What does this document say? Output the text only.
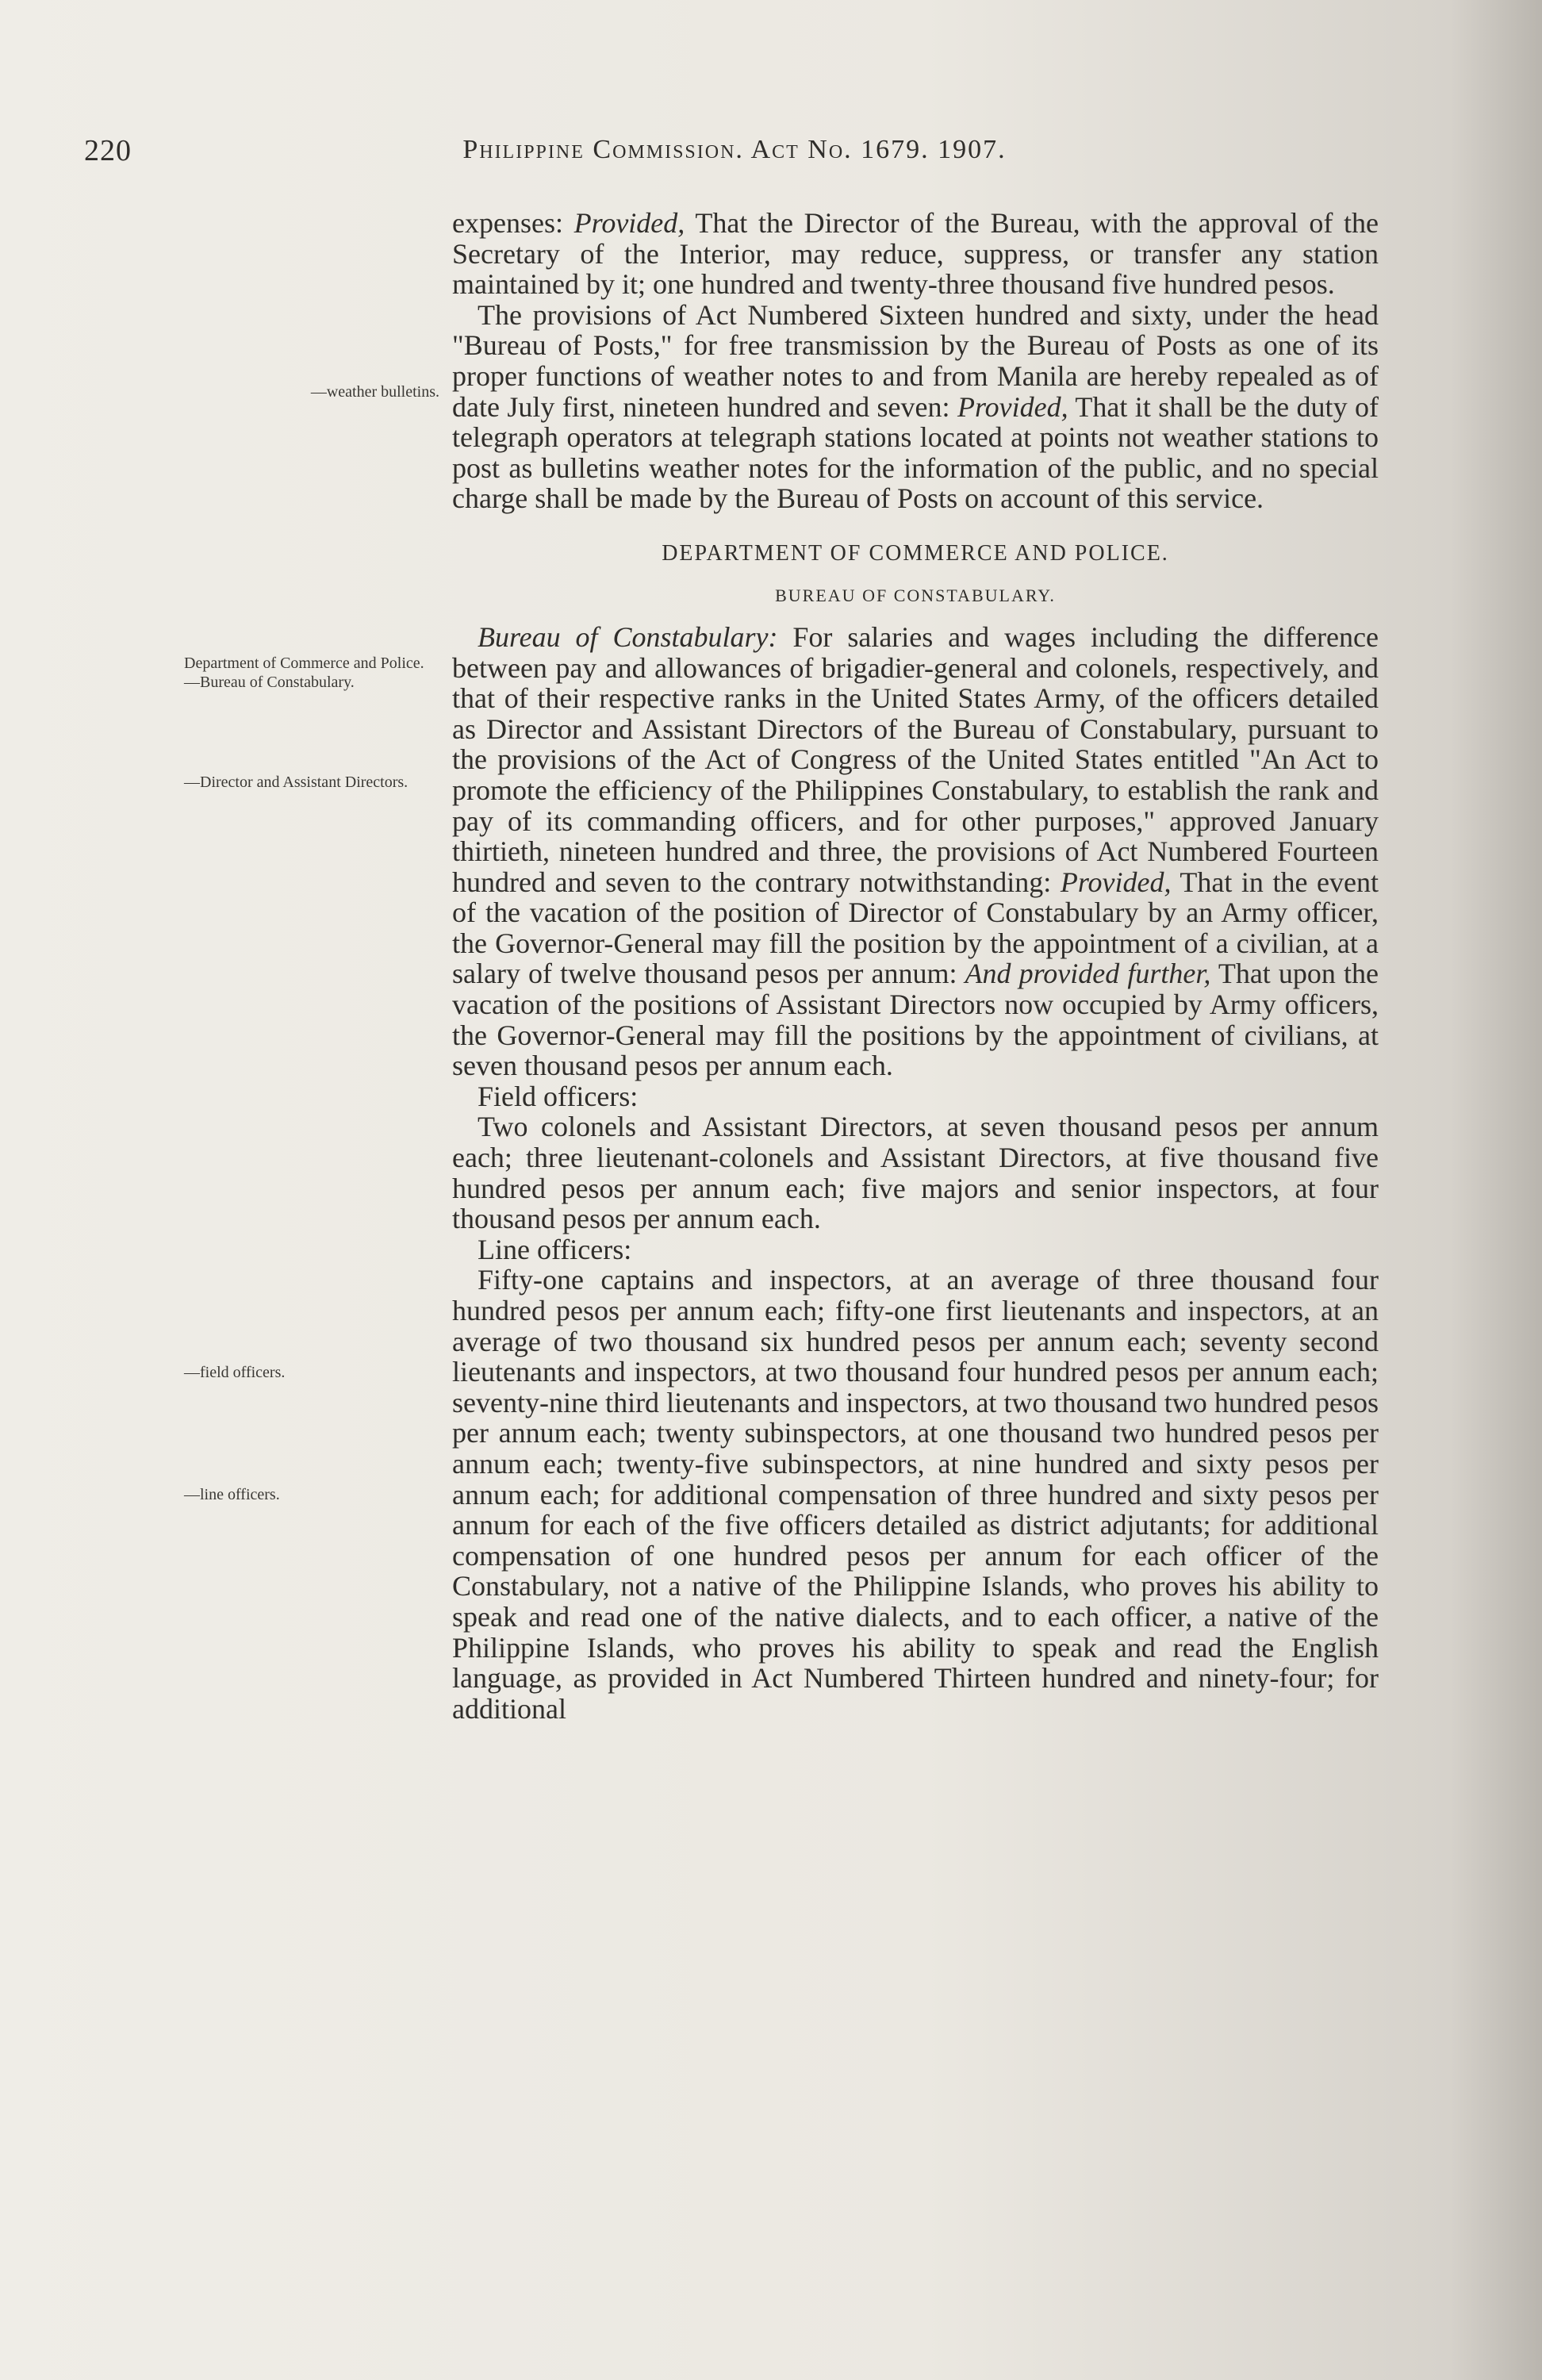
220	Philippine Commission. Act No. 1679. 1907.
—weather bulletins.
Department of Commerce and Police.
—Bureau of Constabulary.
—Director and Assistant Directors.
—field officers.
—line officers.

expenses: Provided, That the Director of the Bureau, with the approval of the Secretary of the Interior, may reduce, suppress, or transfer any station maintained by it; one hundred and twenty-three thousand five hundred pesos.

The provisions of Act Numbered Sixteen hundred and sixty, under the head "Bureau of Posts," for free transmission by the Bureau of Posts as one of its proper functions of weather notes to and from Manila are hereby repealed as of date July first, nineteen hundred and seven: Provided, That it shall be the duty of telegraph operators at telegraph stations located at points not weather stations to post as bulletins weather notes for the information of the public, and no special charge shall be made by the Bureau of Posts on account of this service.

DEPARTMENT OF COMMERCE AND POLICE.
BUREAU OF CONSTABULARY.

Bureau of Constabulary: For salaries and wages including the difference between pay and allowances of brigadier-general and colonels, respectively, and that of their respective ranks in the United States Army, of the officers detailed as Director and Assistant Directors of the Bureau of Constabulary, pursuant to the provisions of the Act of Congress of the United States entitled "An Act to promote the efficiency of the Philippines Constabulary, to establish the rank and pay of its commanding officers, and for other purposes," approved January thirtieth, nineteen hundred and three, the provisions of Act Numbered Fourteen hundred and seven to the contrary notwithstanding: Provided, That in the event of the vacation of the position of Director of Constabulary by an Army officer, the Governor-General may fill the position by the appointment of a civilian, at a salary of twelve thousand pesos per annum: And provided further, That upon the vacation of the positions of Assistant Directors now occupied by Army officers, the Governor-General may fill the positions by the appointment of civilians, at seven thousand pesos per annum each.

Field officers:

Two colonels and Assistant Directors, at seven thousand pesos per annum each; three lieutenant-colonels and Assistant Directors, at five thousand five hundred pesos per annum each; five majors and senior inspectors, at four thousand pesos per annum each.

Line officers:

Fifty-one captains and inspectors, at an average of three thousand four hundred pesos per annum each; fifty-one first lieutenants and inspectors, at an average of two thousand six hundred pesos per annum each; seventy second lieutenants and inspectors, at two thousand four hundred pesos per annum each; seventy-nine third lieutenants and inspectors, at two thousand two hundred pesos per annum each; twenty subinspectors, at one thousand two hundred pesos per annum each; twenty-five subinspectors, at nine hundred and sixty pesos per annum each; for additional compensation of three hundred and sixty pesos per annum for each of the five officers detailed as district adjutants; for additional compensation of one hundred pesos per annum for each officer of the Constabulary, not a native of the Philippine Islands, who proves his ability to speak and read one of the native dialects, and to each officer, a native of the Philippine Islands, who proves his ability to speak and read the English language, as provided in Act Numbered Thirteen hundred and ninety-four; for additional
